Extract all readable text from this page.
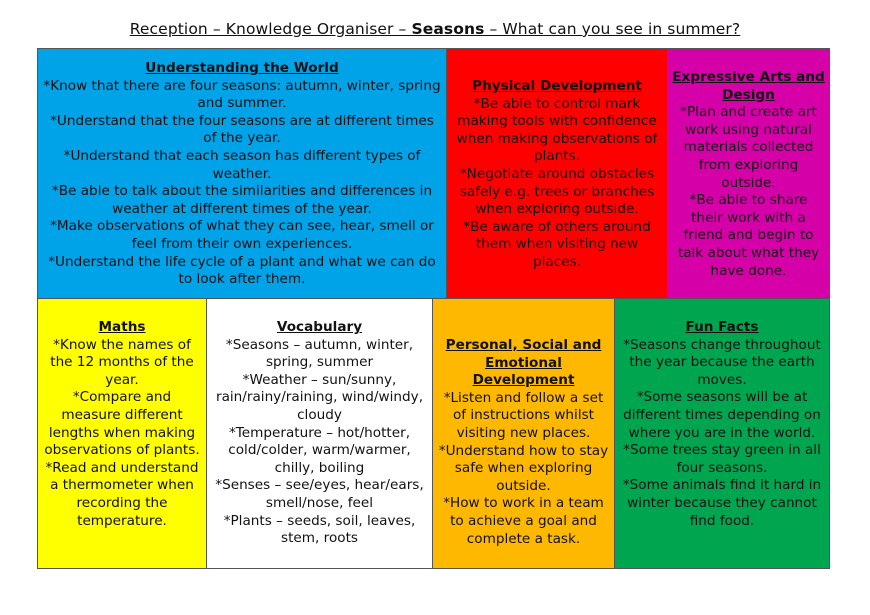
Reception – Knowledge Organiser – Seasons – What can you see in summer?
Understanding the World
*Know that there are four seasons: autumn, winter, spring and summer.
*Understand that the four seasons are at different times of the year.
*Understand that each season has different types of weather.
*Be able to talk about the similarities and differences in weather at different times of the year.
*Make observations of what they can see, hear, smell or feel from their own experiences.
*Understand the life cycle of a plant and what we can do to look after them.
Physical Development
*Be able to control mark making tools with confidence when making observations of plants.
*Negotiate around obstacles safely e.g. trees or branches when exploring outside.
*Be aware of others around them when visiting new places.
Expressive Arts and Design
*Plan and create art work using natural materials collected from exploring outside.
*Be able to share their work with a friend and begin to talk about what they have done.
Maths
*Know the names of the 12 months of the year.
*Compare and measure different lengths when making observations of plants.
*Read and understand a thermometer when recording the temperature.
Vocabulary
*Seasons – autumn, winter, spring, summer
*Weather – sun/sunny, rain/rainy/raining, wind/windy, cloudy
*Temperature – hot/hotter, cold/colder, warm/warmer, chilly, boiling
*Senses – see/eyes, hear/ears, smell/nose, feel
*Plants – seeds, soil, leaves, stem, roots
Personal, Social and Emotional Development
*Listen and follow a set of instructions whilst visiting new places.
*Understand how to stay safe when exploring outside.
*How to work in a team to achieve a goal and complete a task.
Fun Facts
*Seasons change throughout the year because the earth moves.
*Some seasons will be at different times depending on where you are in the world.
*Some trees stay green in all four seasons.
*Some animals find it hard in winter because they cannot find food.
